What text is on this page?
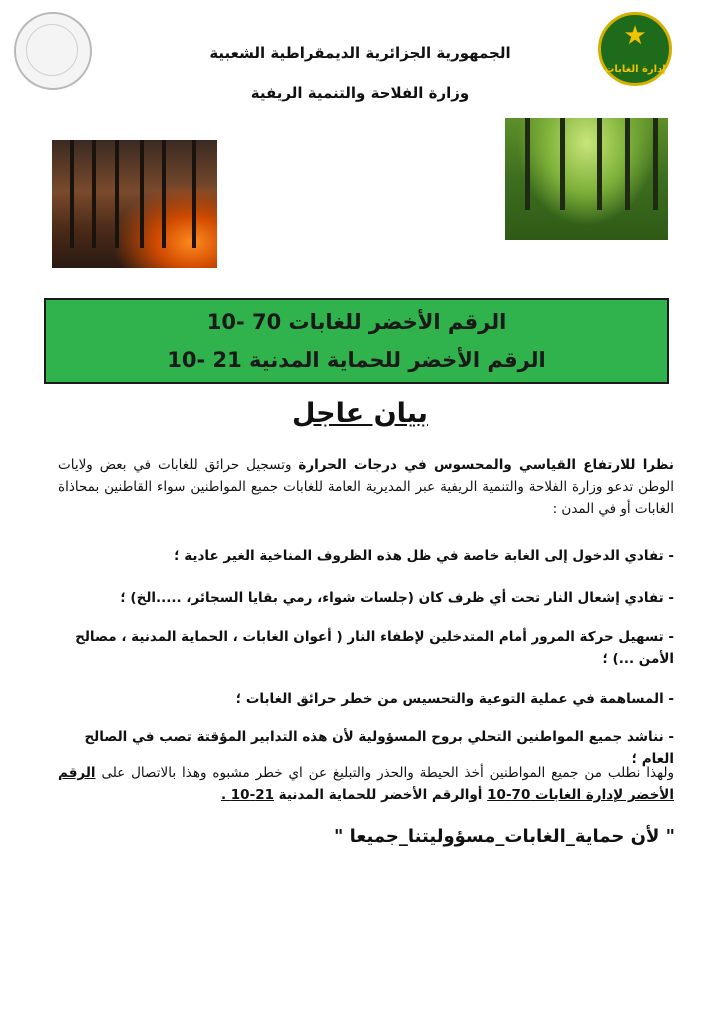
★
إدارة الغابات
الجمهورية الجزائرية الديمقراطية الشعبية
وزارة الفلاحة والتنمية الريفية
الرقم الأخضر للغابات 70 -10
الرقم الأخضر للحماية المدنية 21 -10
بيان عاجل
نظرا للارتفاع القياسي والمحسوس في درجات الحرارة وتسجيل حرائق للغابات في بعض ولايات الوطن تدعو وزارة الفلاحة والتنمية الريفية عبر المديرية العامة للغابات جميع المواطنين سواء القاطنين بمحاذاة الغابات أو في المدن :
- تفادي الدخول إلى الغابة خاصة في ظل هذه الظروف المناخية الغير عادية ؛
- تفادي إشعال النار تحت أي ظرف كان (جلسات شواء، رمي بقايا السجائر، .....الخ) ؛
- تسهيل حركة المرور أمام المتدخلين لإطفاء النار ( أعوان الغابات ، الحماية المدنية ، مصالح الأمن ...) ؛
- المساهمة في عملية التوعية والتحسيس من خطر حرائق الغابات ؛
- نناشد جميع المواطنين التحلي بروح المسؤولية لأن هذه التدابير المؤقتة تصب في الصالح العام ؛
ولهذا نطلب من جميع المواطنين أخذ الحيطة والحذر والتبليغ عن اي خطر مشبوه وهذا بالاتصال على الرقم الأخضر لإدارة الغابات 70-10 أوالرقم الأخضر للحماية المدنية 21-10 .
" لأن حماية_الغابات_مسؤوليتنا_جميعا "
